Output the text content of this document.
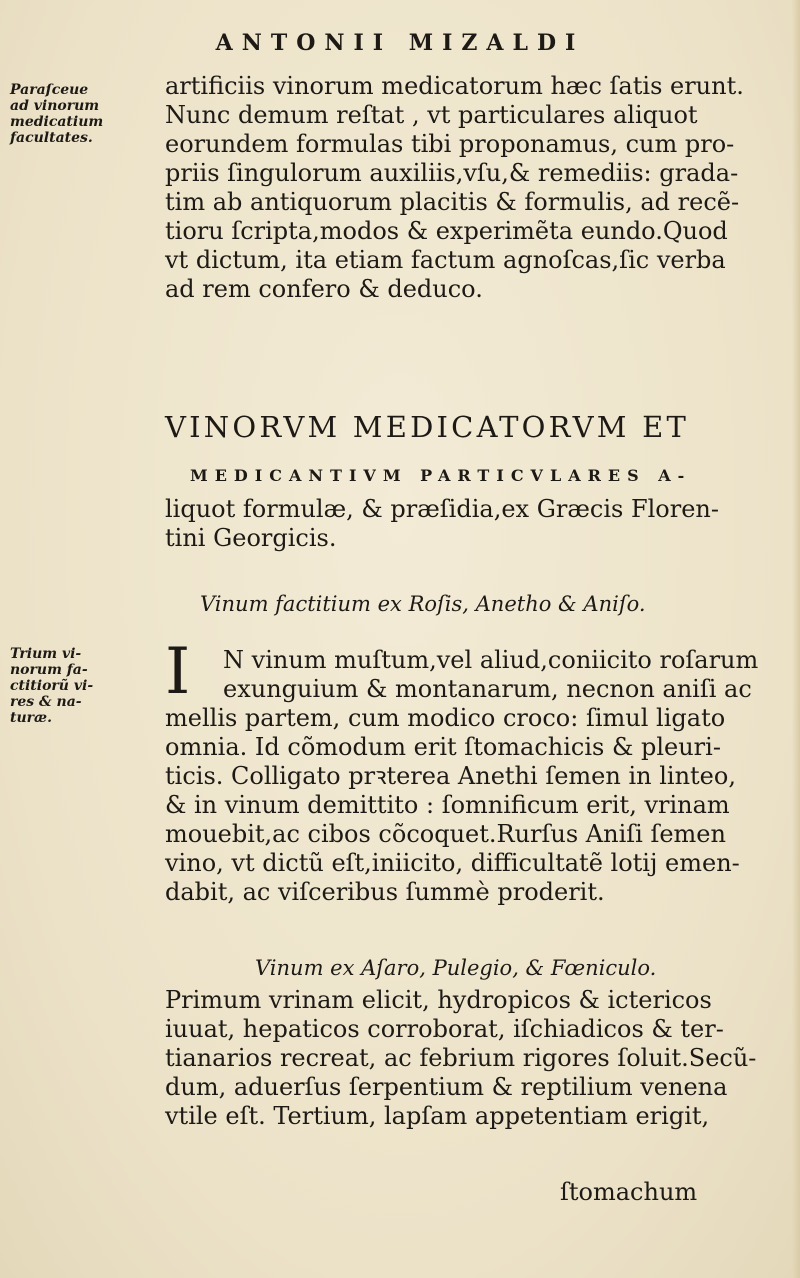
ANTONII MIZALDI
Paraſceue
ad vinorum
medicatium
facultates.
artificiis vinorum medicatorum hæc ſatis erunt.
Nunc demum reſtat , vt particulares aliquot
eorundem formulas tibi proponamus, cum pro-
priis ſingulorum auxiliis,vſu,& remediis: grada-
tim ab antiquorum placitis & formulis, ad recẽ-
tioru ſcripta,modos & experimẽta eundo.Quod
vt dictum, ita etiam factum agnoſcas,ſic verba
ad rem confero & deduco.
VINORVM MEDICATORVM ET
MEDICANTIVM PARTICVLARES A-
liquot formulæ, & præſidia,ex Græcis Floren-
tini Georgicis.
Vinum factitium ex Roſis, Anetho & Aniſo.
Trium vi-
norum fa-
ctitiorũ vi-
res & na-
turæ.
I	N vinum muſtum,vel aliud,coniicito roſarum
exunguium & montanarum, necnon aniſi ac
mellis partem, cum modico croco: ſimul ligato
omnia. Id cõmodum erit ſtomachicis & pleuri-
ticis. Colligato prꝛterea Anethi ſemen in linteo,
& in vinum demittito : ſomnificum erit, vrinam
mouebit,ac cibos cõcoquet.Rurſus Aniſi ſemen
vino, vt dictũ eſt,iniicito, difficultatẽ lotij emen-
dabit, ac viſceribus ſummè proderit.
Vinum ex Aſaro, Pulegio, & Fœniculo.
Primum vrinam elicit, hydropicos & ictericos
iuuat, hepaticos corroborat, iſchiadicos & ter-
tianarios recreat, ac febrium rigores ſoluit.Secũ-
dum, aduerſus ſerpentium & reptilium venena
vtile eſt. Tertium, lapſam appetentiam erigit,
ſtomachum
